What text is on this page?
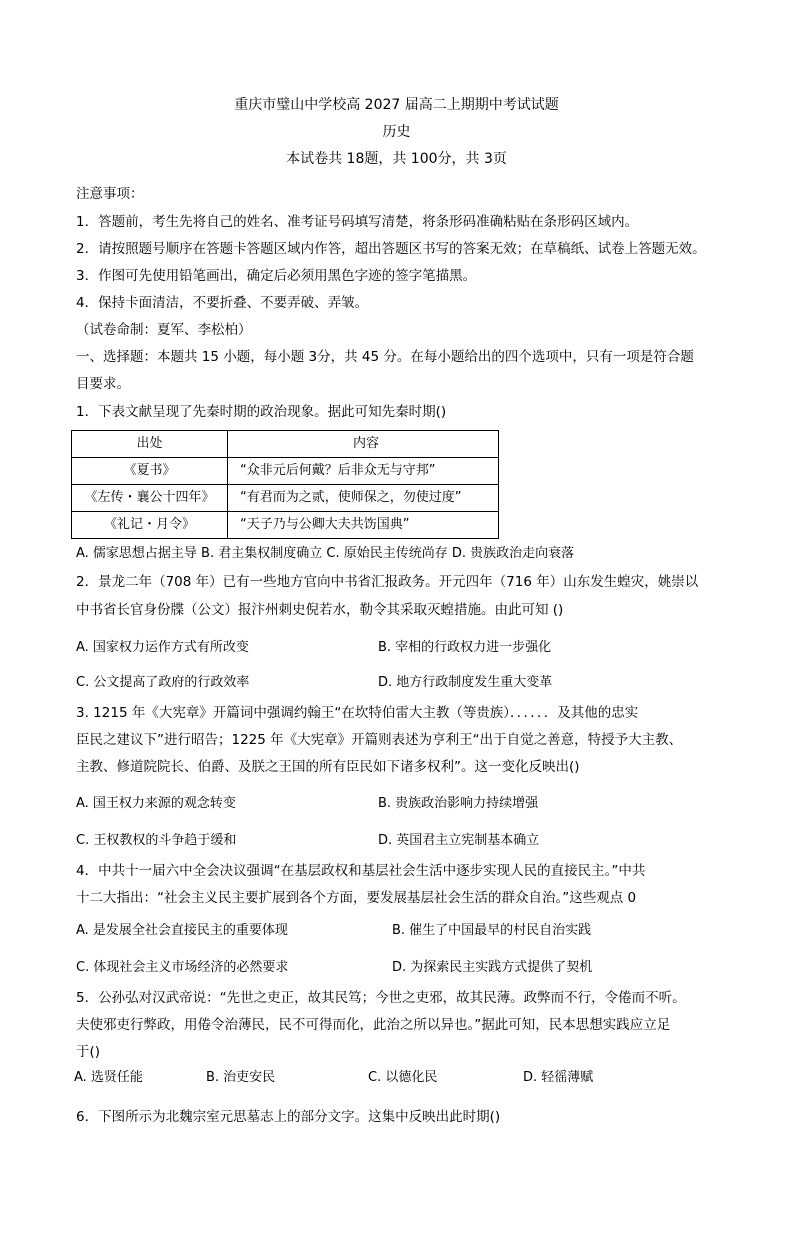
重庆市璧山中学校高 2027 届高二上期期中考试试题
历史
本试卷共 18题，共 100分，共 3页
注意事项：
1．答题前，考生先将自己的姓名、准考证号码填写清楚，将条形码准确粘贴在条形码区域内。
2．请按照题号顺序在答题卡答题区域内作答，超出答题区书写的答案无效；在草稿纸、试卷上答题无效。
3．作图可先使用铅笔画出，确定后必须用黑色字迹的签字笔描黑。
4．保持卡面清洁，不要折叠、不要弄破、弄皱。
（试卷命制：夏军、李松柏）
一、选择题：本题共 15 小题，每小题 3分，共 45 分。在每小题给出的四个选项中，只有一项是符合题
目要求。
1．下表文献呈现了先秦时期的政治现象。据此可知先秦时期()
出处	内容
《夏书》	“众非元后何戴？后非众无与守邦”
《左传・襄公十四年》	“有君而为之贰，使师保之，勿使过度”
《礼记・月令》	“天子乃与公卿大夫共饬国典”
A. 儒家思想占据主导 B. 君主集权制度确立 C. 原始民主传统尚存 D. 贵族政治走向衰落
2．景龙二年（708 年）已有一些地方官向中书省汇报政务。开元四年（716 年）山东发生蝗灾，姚崇以
中书省长官身份牒（公文）报汴州刺史倪若水，勒令其采取灭蝗措施。由此可知 ()
A. 国家权力运作方式有所改变	B. 宰相的行政权力进一步强化
C. 公文提高了政府的行政效率	D. 地方行政制度发生重大变革
3. 1215 年《大宪章》开篇词中强调约翰王“在坎特伯雷大主教（等贵族）．．．．．．及其他的忠实
臣民之建议下”进行昭告；1225 年《大宪章》开篇则表述为亨利王“出于自觉之善意，特授予大主教、
主教、修道院院长、伯爵、及朕之王国的所有臣民如下诸多权利”。这一变化反映出()
A. 国王权力来源的观念转变	B. 贵族政治影响力持续增强
C. 王权教权的斗争趋于缓和	D. 英国君主立宪制基本确立
4．中共十一届六中全会决议强调“在基层政权和基层社会生活中逐步实现人民的直接民主。”中共
十二大指出：“社会主义民主要扩展到各个方面，要发展基层社会生活的群众自治。”这些观点 0
A. 是发展全社会直接民主的重要体现	B. 催生了中国最早的村民自治实践
C. 体现社会主义市场经济的必然要求	D. 为探索民主实践方式提供了契机
5．公孙弘对汉武帝说：“先世之吏正，故其民笃；今世之吏邪，故其民薄。政弊而不行，令倦而不听。
夫使邪吏行弊政，用倦令治薄民，民不可得而化，此治之所以异也。”据此可知，民本思想实践应立足
于()
A. 选贤任能	B. 治吏安民	C. 以德化民	D. 轻徭薄赋
6．下图所示为北魏宗室元思墓志上的部分文字。这集中反映出此时期()
